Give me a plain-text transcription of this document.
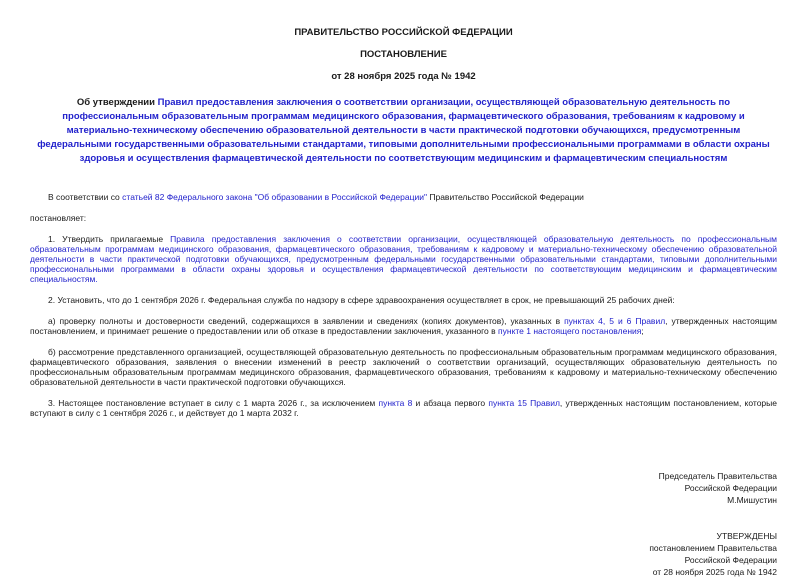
ПРАВИТЕЛЬСТВО РОССИЙСКОЙ ФЕДЕРАЦИИ
ПОСТАНОВЛЕНИЕ
от 28 ноября 2025 года № 1942
Об утверждении Правил предоставления заключения о соответствии организации, осуществляющей образовательную деятельность по профессиональным образовательным программам медицинского образования, фармацевтического образования, требованиям к кадровому и материально-техническому обеспечению образовательной деятельности в части практической подготовки обучающихся, предусмотренным федеральными государственными образовательными стандартами, типовыми дополнительными профессиональными программами в области охраны здоровья и осуществления фармацевтической деятельности по соответствующим медицинским и фармацевтическим специальностям

В соответствии со статьей 82 Федерального закона "Об образовании в Российской Федерации" Правительство Российской Федерации

постановляет:

1. Утвердить прилагаемые Правила предоставления заключения о соответствии организации, осуществляющей образовательную деятельность по профессиональным образовательным программам медицинского образования, фармацевтического образования, требованиям к кадровому и материально-техническому обеспечению образовательной деятельности в части практической подготовки обучающихся, предусмотренным федеральными государственными образовательными стандартами, типовыми дополнительными профессиональными программами в области охраны здоровья и осуществления фармацевтической деятельности по соответствующим медицинским и фармацевтическим специальностям.

2. Установить, что до 1 сентября 2026 г. Федеральная служба по надзору в сфере здравоохранения осуществляет в срок, не превышающий 25 рабочих дней:

а) проверку полноты и достоверности сведений, содержащихся в заявлении и сведениях (копиях документов), указанных в пунктах 4, 5 и 6 Правил, утвержденных настоящим постановлением, и принимает решение о предоставлении или об отказе в предоставлении заключения, указанного в пункте 1 настоящего постановления;

б) рассмотрение представленного организацией, осуществляющей образовательную деятельность по профессиональным образовательным программам медицинского образования, фармацевтического образования, заявления о внесении изменений в реестр заключений о соответствии организаций, осуществляющих образовательную деятельность по профессиональным образовательным программам медицинского образования, фармацевтического образования, требованиям к кадровому и материально-техническому обеспечению образовательной деятельности в части практической подготовки обучающихся.

3. Настоящее постановление вступает в силу с 1 марта 2026 г., за исключением пункта 8 и абзаца первого пункта 15 Правил, утвержденных настоящим постановлением, которые вступают в силу с 1 сентября 2026 г., и действует до 1 марта 2032 г.

Председатель Правительства
Российской Федерации
М.Мишустин
УТВЕРЖДЕНЫ
постановлением Правительства
Российской Федерации
от 28 ноября 2025 года № 1942
